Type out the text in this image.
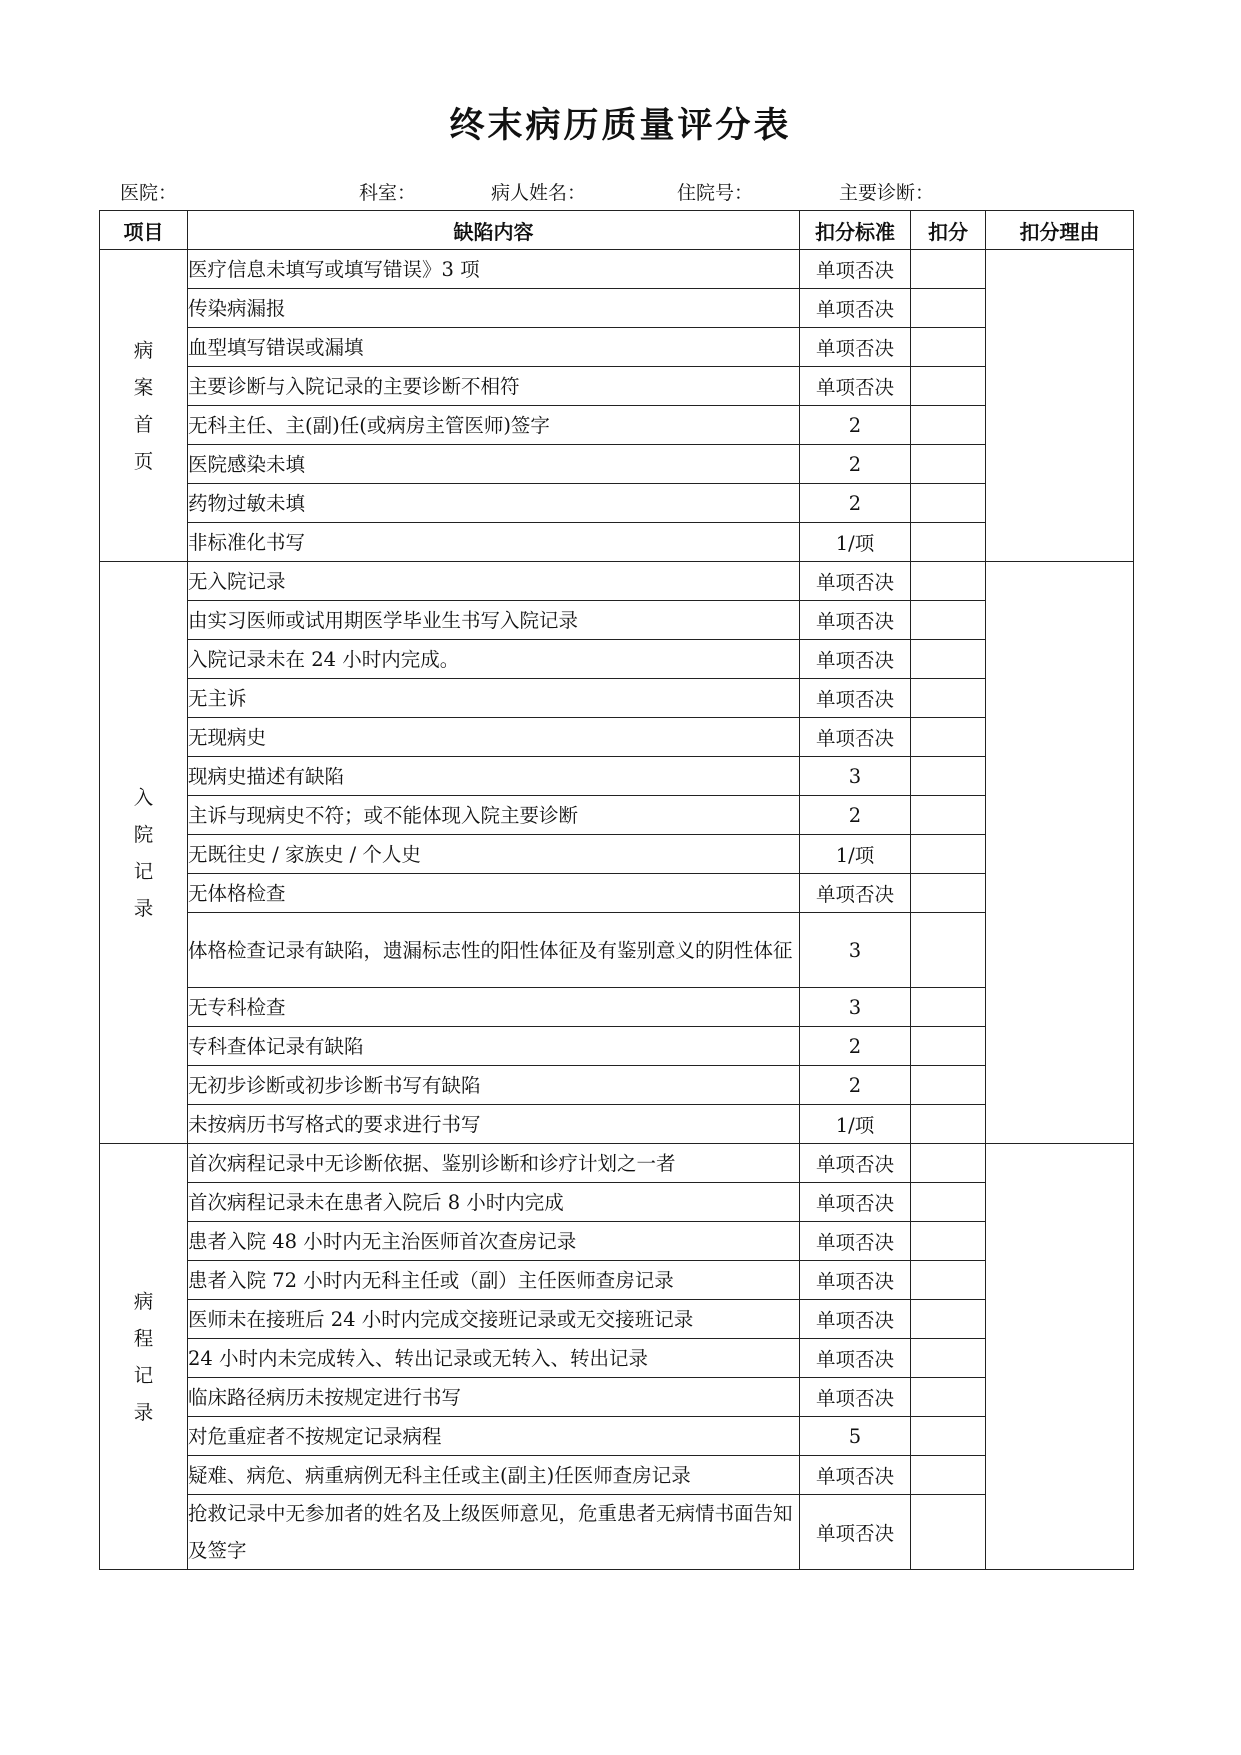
终末病历质量评分表
医院：	科室：	病人姓名：	住院号：	主要诊断：
项目	缺陷内容	扣分标准	扣分	扣分理由

病
案
首
页	医疗信息未填写或填写错误》3 项	单项否决		
	传染病漏报	单项否决		
	血型填写错误或漏填	单项否决		
	主要诊断与入院记录的主要诊断不相符	单项否决		
	无科主任、主(副)任(或病房主管医师)签字	2		
	医院感染未填	2		
	药物过敏未填	2		
	非标准化书写	1/项		

入
院
记
录	无入院记录	单项否决		
	由实习医师或试用期医学毕业生书写入院记录	单项否决		
	入院记录未在 24 小时内完成。	单项否决		
	无主诉	单项否决		
	无现病史	单项否决		
	现病史描述有缺陷	3		
	主诉与现病史不符；或不能体现入院主要诊断	2		
	无既往史 / 家族史 / 个人史	1/项		
	无体格检查	单项否决		
	体格检查记录有缺陷，遗漏标志性的阳性体征及有鉴别意义的阴性体征	3		
	无专科检查	3		
	专科查体记录有缺陷	2		
	无初步诊断或初步诊断书写有缺陷	2		
	未按病历书写格式的要求进行书写	1/项		

病
程
记
录	首次病程记录中无诊断依据、鉴别诊断和诊疗计划之一者	单项否决		
	首次病程记录未在患者入院后 8 小时内完成	单项否决		
	患者入院 48 小时内无主治医师首次查房记录	单项否决		
	患者入院 72 小时内无科主任或（副）主任医师查房记录	单项否决		
	医师未在接班后 24 小时内完成交接班记录或无交接班记录	单项否决		
	24 小时内未完成转入、转出记录或无转入、转出记录	单项否决		
	临床路径病历未按规定进行书写	单项否决		
	对危重症者不按规定记录病程	5		
	疑难、病危、病重病例无科主任或主(副主)任医师查房记录	单项否决		
	抢救记录中无参加者的姓名及上级医师意见，危重患者无病情书面告知及签字	单项否决		
